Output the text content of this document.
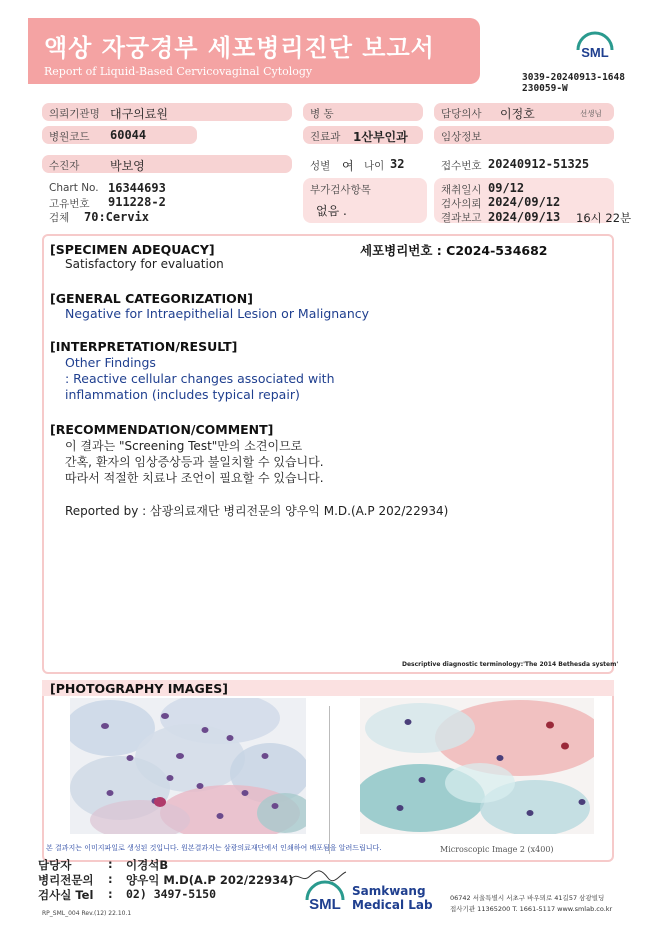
액상 자궁경부 세포병리진단 보고서
Report of Liquid-Based Cervicovaginal Cytology
SML
3039-20240913-1648
230059-W
의뢰기관명 대구의료원	병 동	담당의사 이정호	선생님
병원코드 60044	진료과 1산부인과	임상정보
수진자	박보영	성별 여 나이 32	접수번호 20240912-51325
Chart No. 16344693
고유번호 911228-2
검체 70:Cervix
부가검사항목
없음 .
채취일시 09/12
검사의뢰 2024/09/12
결과보고 2024/09/13 16시 22분
[SPECIMEN ADEQUACY]	세포병리번호 : C2024-534682
Satisfactory for evaluation
[GENERAL CATEGORIZATION]
Negative for Intraepithelial Lesion or Malignancy
[INTERPRETATION/RESULT]
Other Findings
: Reactive cellular changes associated with
inflammation (includes typical repair)
[RECOMMENDATION/COMMENT]
이 결과는 "Screening Test"만의 소견이므로
간혹, 환자의 임상증상등과 불일치할 수 있습니다.
따라서 적절한 치료나 조언이 필요할 수 있습니다.
Reported by : 삼광의료재단 병리전문의 양우익 M.D.(A.P 202/22934)
Descriptive diagnostic terminology:'The 2014 Bethesda system'
[PHOTOGRAPHY IMAGES]
Microscopic Image 2 (x400)
본 결과지는 이미지파일로 생성된 것입니다. 원본결과지는 삼광의료재단에서 인쇄하여 배포됨을 알려드립니다.
담당자	: 이경석B
병리전문의 : 양우익 M.D(A.P 202/22934)
검사실 Tel : 02) 3497-5150
RP_SML_004 Rev.(12) 22.10.1
SML
Samkwang
Medical Lab	06742 서울특별시 서초구 바우뫼로 41길57 삼광빌딩
접사기관 11365200 T. 1661-5117 www.smlab.co.kr
